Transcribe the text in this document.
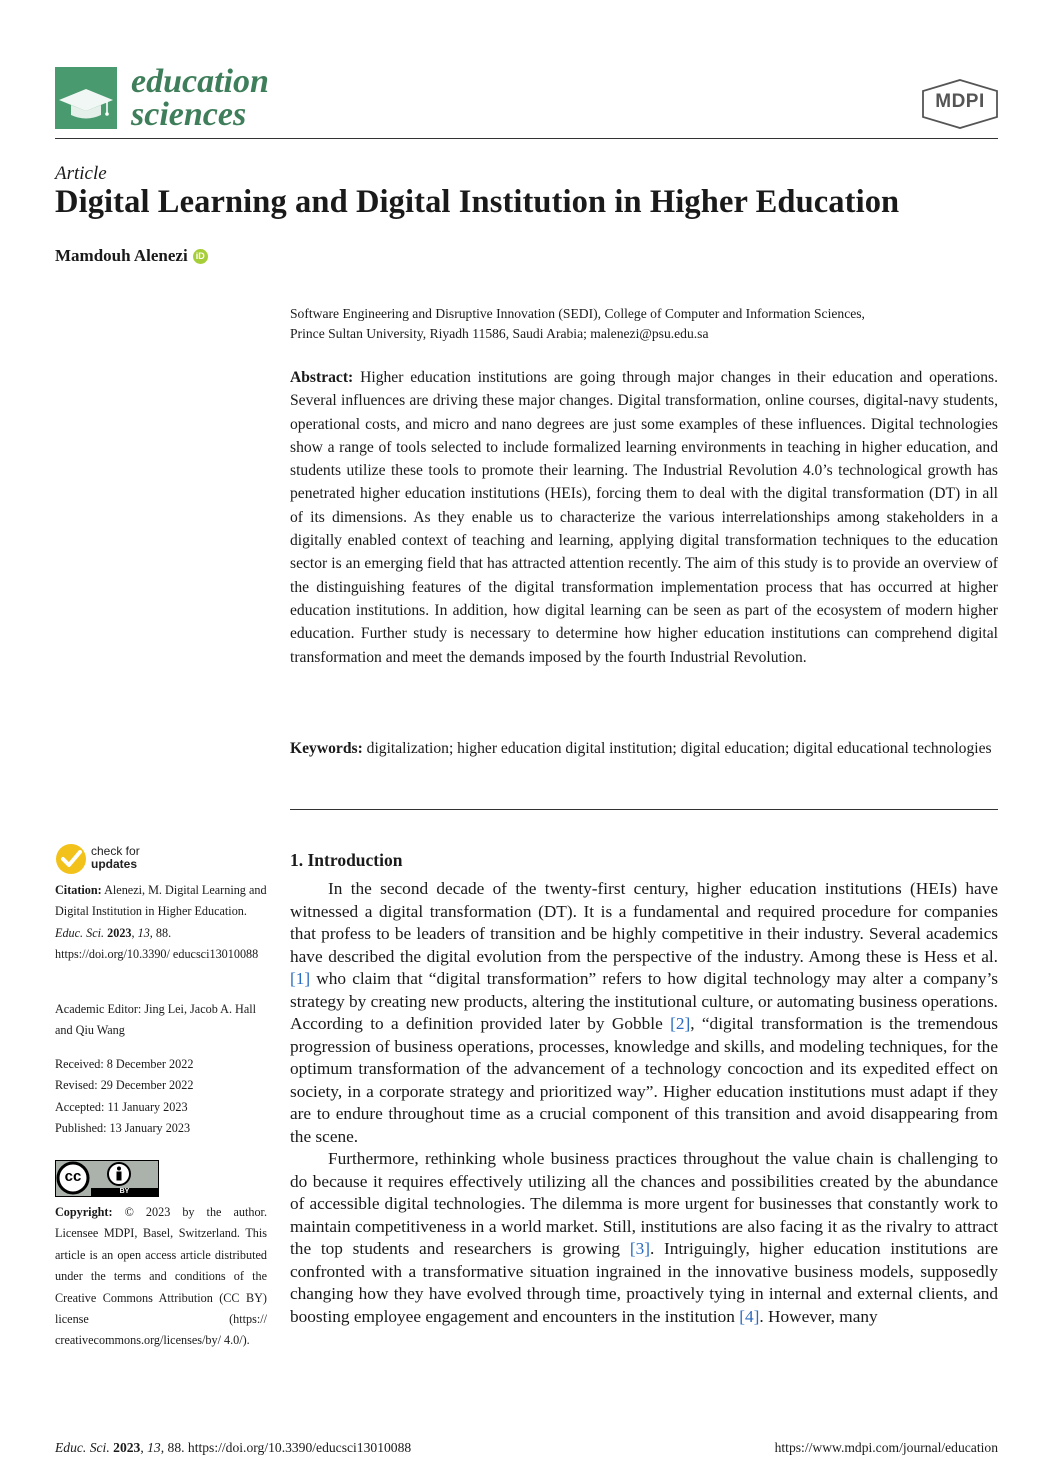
education
sciences	MDPI
Article
Digital Learning and Digital Institution in Higher Education
Mamdouh Alenezi iD
Software Engineering and Disruptive Innovation (SEDI), College of Computer and Information Sciences,
Prince Sultan University, Riyadh 11586, Saudi Arabia; malenezi@psu.edu.sa
Abstract: Higher education institutions are going through major changes in their education and operations. Several influences are driving these major changes. Digital transformation, online courses, digital-navy students, operational costs, and micro and nano degrees are just some examples of these influences. Digital technologies show a range of tools selected to include formalized learning environments in teaching in higher education, and students utilize these tools to promote their learning. The Industrial Revolution 4.0’s technological growth has penetrated higher education institutions (HEIs), forcing them to deal with the digital transformation (DT) in all of its dimensions. As they enable us to characterize the various interrelationships among stakeholders in a digitally enabled context of teaching and learning, applying digital transformation techniques to the education sector is an emerging field that has attracted attention recently. The aim of this study is to provide an overview of the distinguishing features of the digital transformation implementation process that has occurred at higher education institutions. In addition, how digital learning can be seen as part of the ecosystem of modern higher education. Further study is necessary to determine how higher education institutions can comprehend digital transformation and meet the demands imposed by the fourth Industrial Revolution.
Keywords: digitalization; higher education digital institution; digital education; digital educational technologies
1. Introduction

In the second decade of the twenty-first century, higher education institutions (HEIs) have witnessed a digital transformation (DT). It is a fundamental and required procedure for companies that profess to be leaders of transition and be highly competitive in their industry. Several academics have described the digital evolution from the perspective of the industry. Among these is Hess et al. [1] who claim that “digital transformation” refers to how digital technology may alter a company’s strategy by creating new products, altering the institutional culture, or automating business operations. According to a definition provided later by Gobble [2], “digital transformation is the tremendous progression of business operations, processes, knowledge and skills, and modeling techniques, for the optimum transformation of the advancement of a technology concoction and its expedited effect on society, in a corporate strategy and prioritized way”. Higher education institutions must adapt if they are to endure throughout time as a crucial component of this transition and avoid disappearing from the scene.

Furthermore, rethinking whole business practices throughout the value chain is challenging to do because it requires effectively utilizing all the chances and possibilities created by the abundance of accessible digital technologies. The dilemma is more urgent for businesses that constantly work to maintain competitiveness in a world market. Still, institutions are also facing it as the rivalry to attract the top students and researchers is growing [3]. Intriguingly, higher education institutions are confronted with a transformative situation ingrained in the innovative business models, supposedly changing how they have evolved through time, proactively tying in internal and external clients, and boosting employee engagement and encounters in the institution [4]. However, many

check for
updates
Citation: Alenezi, M. Digital Learning and Digital Institution in Higher Education. Educ. Sci. 2023, 13, 88. https://doi.org/10.3390/ educsci13010088
Academic Editor: Jing Lei, Jacob A. Hall and Qiu Wang
Received: 8 December 2022
Revised: 29 December 2022
Accepted: 11 January 2023
Published: 13 January 2023
cc
BY
Copyright: © 2023 by the author. Licensee MDPI, Basel, Switzerland. This article is an open access article distributed under the terms and conditions of the Creative Commons Attribution (CC BY) license (https:// creativecommons.org/licenses/by/ 4.0/).
Educ. Sci. 2023, 13, 88. https://doi.org/10.3390/educsci13010088	https://www.mdpi.com/journal/education
